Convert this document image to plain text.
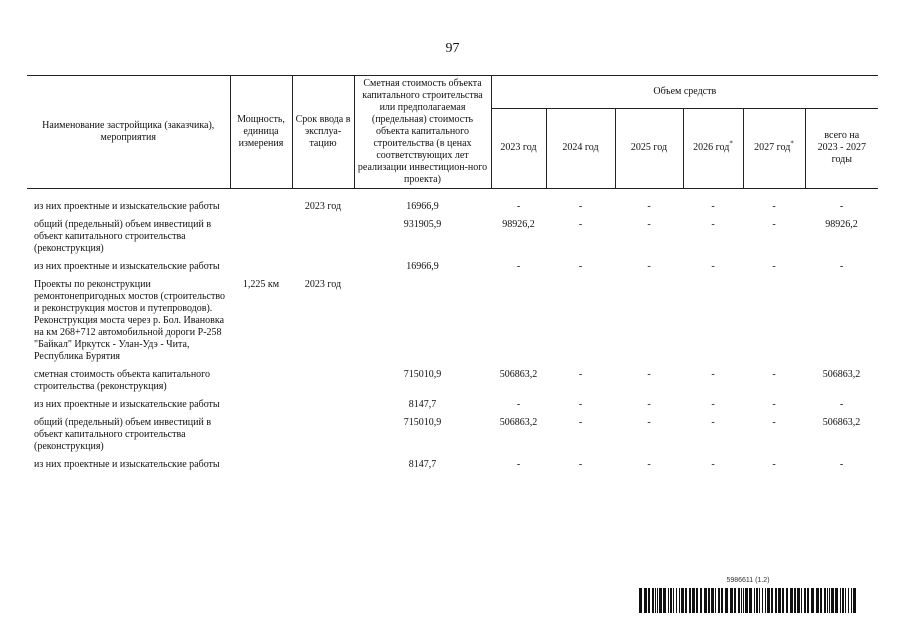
97
Наименование застройщика (заказчика), мероприятия	Мощность, единица измерения	Срок ввода в эксплуа-тацию	Сметная стоимость объекта капитального строительства или предполагаемая (предельная) стоимость объекта капитального строительства (в ценах соответствующих лет реализации инвестицион-ного проекта)	Объем средств					
				2023 год	2024 год	2025 год	2026 год*	2027 год*	всего на 2023 - 2027 годы

из них проектные и изыскательские работы		2023 год	16966,9	-	-	-	-	-	-
общий (предельный) объем инвестиций в объект капитального строительства (реконструкция)			931905,9	98926,2	-	-	-	-	98926,2
из них проектные и изыскательские работы			16966,9	-	-	-	-	-	-
Проекты по реконструкции ремонтонепригодных мостов (строительство и реконструкция мостов и путепроводов). Реконструкция моста через р. Бол. Ивановка на км 268+712 автомобильной дороги Р-258 "Байкал" Иркутск - Улан-Удэ - Чита, Республика Бурятия	1,225 км	2023 год							
сметная стоимость объекта капитального строительства (реконструкция)			715010,9	506863,2	-	-	-	-	506863,2
из них проектные и изыскательские работы			8147,7	-	-	-	-	-	-
общий (предельный) объем инвестиций в объект капитального строительства (реконструкция)			715010,9	506863,2	-	-	-	-	506863,2
из них проектные и изыскательские работы			8147,7	-	-	-	-	-	-
5986611 (1.2)
